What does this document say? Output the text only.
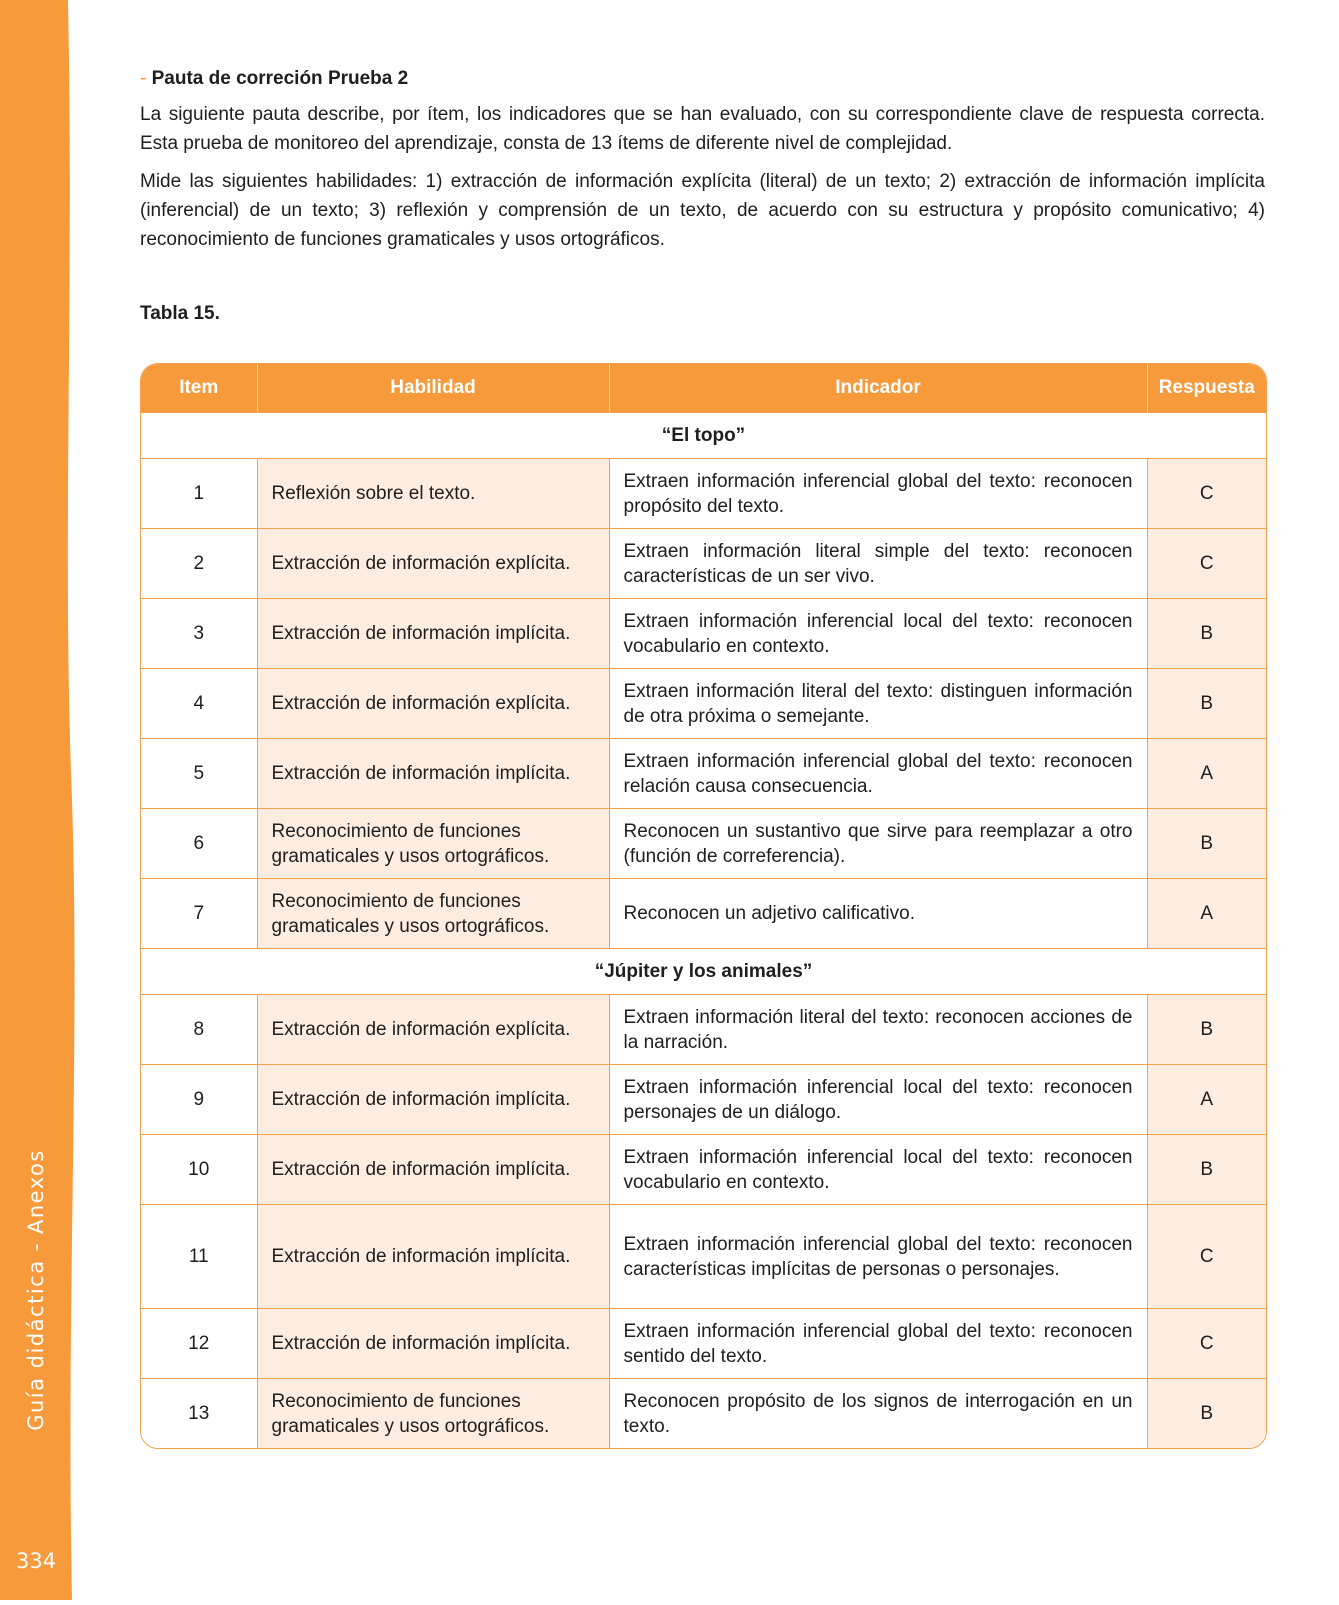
Guía didáctica - Anexos
334

- Pauta de correción Prueba 2

La siguiente pauta describe, por ítem, los indicadores que se han evaluado, con su correspondiente clave de respuesta correcta. Esta prueba de monitoreo del aprendizaje, consta de 13 ítems de diferente nivel de complejidad.

Mide las siguientes habilidades: 1) extracción de información explícita (literal) de un texto; 2) extracción de información implícita (inferencial) de un texto; 3) reflexión y comprensión de un texto, de acuerdo con su estructura y propósito comunicativo; 4) reconocimiento de funciones gramaticales y usos ortográficos.

Tabla 15.
Item	Habilidad	Indicador	Respuesta
“El topo”			
1	Reflexión sobre el texto.	Extraen información inferencial global del texto: reconocen propósito del texto.	C
2	Extracción de información explícita.	Extraen información literal simple del texto: reconocen características de un ser vivo.	C
3	Extracción de información implícita.	Extraen información inferencial local del texto: reconocen vocabulario en contexto.	B
4	Extracción de información explícita.	Extraen información literal del texto: distinguen información de otra próxima o semejante.	B
5	Extracción de información implícita.	Extraen información inferencial global del texto: reconocen relación causa consecuencia.	A
6	Reconocimiento de funciones gramaticales y usos ortográficos.	Reconocen un sustantivo que sirve para reemplazar a otro (función de correferencia).	B
7	Reconocimiento de funciones gramaticales y usos ortográficos.	Reconocen un adjetivo calificativo.	A
“Júpiter y los animales”			
8	Extracción de información explícita.	Extraen información literal del texto: reconocen acciones de la narración.	B
9	Extracción de información implícita.	Extraen información inferencial local del texto: reconocen personajes de un diálogo.	A
10	Extracción de información implícita.	Extraen información inferencial local del texto: reconocen vocabulario en contexto.	B
11	Extracción de información implícita.	Extraen información inferencial global del texto: reconocen características implícitas de personas o personajes.	C
12	Extracción de información implícita.	Extraen información inferencial global del texto: reconocen sentido del texto.	C
13	Reconocimiento de funciones gramaticales y usos ortográficos.	Reconocen propósito de los signos de interrogación en un texto.	B
